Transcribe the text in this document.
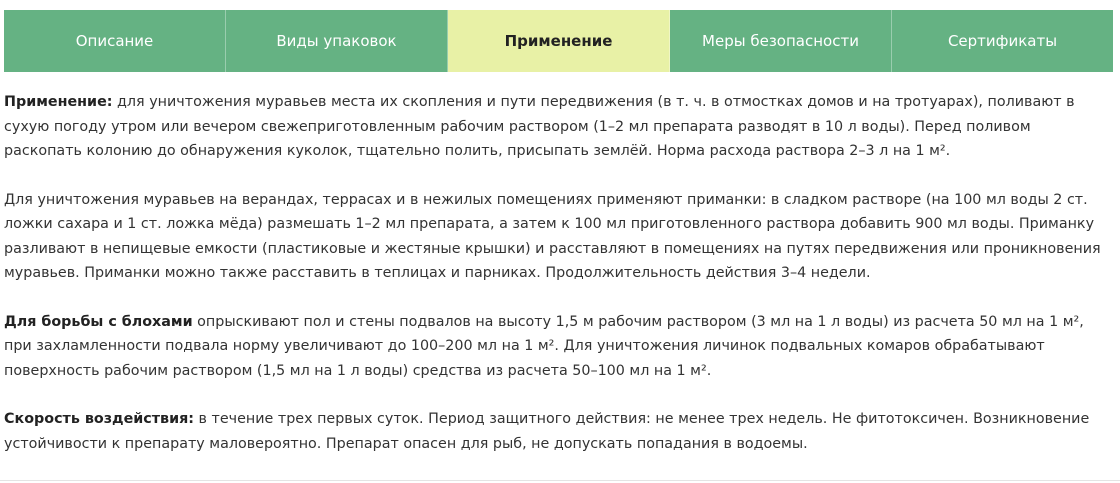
Описание	Виды упаковок	Применение	Меры безопасности	Сертификаты

Применение: для уничтожения муравьев места их скопления и пути передвижения (в т. ч. в отмостках домов и на тротуарах), поливают в сухую погоду утром или вечером свежеприготовленным рабочим раствором (1–2 мл препарата разводят в 10 л воды). Перед поливом раскопать колонию до обнаружения куколок, тщательно полить, присыпать землёй. Норма расхода раствора 2–3 л на 1 м².

Для уничтожения муравьев на верандах, террасах и в нежилых помещениях применяют приманки: в сладком растворе (на 100 мл воды 2 ст. ложки сахара и 1 ст. ложка мёда) размешать 1–2 мл препарата, а затем к 100 мл приготовленного раствора добавить 900 мл воды. Приманку разливают в непищевые емкости (пластиковые и жестяные крышки) и расставляют в помещениях на путях передвижения или проникновения муравьев. Приманки можно также расставить в теплицах и парниках. Продолжительность действия 3–4 недели.

Для борьбы с блохами опрыскивают пол и стены подвалов на высоту 1,5 м рабочим раствором (3 мл на 1 л воды) из расчета 50 мл на 1 м², при захламленности подвала норму увеличивают до 100–200 мл на 1 м². Для уничтожения личинок подвальных комаров обрабатывают поверхность рабочим раствором (1,5 мл на 1 л воды) средства из расчета 50–100 мл на 1 м².

Скорость воздействия: в течение трех первых суток. Период защитного действия: не менее трех недель. Не фитотоксичен. Возникновение устойчивости к препарату маловероятно. Препарат опасен для рыб, не допускать попадания в водоемы.
